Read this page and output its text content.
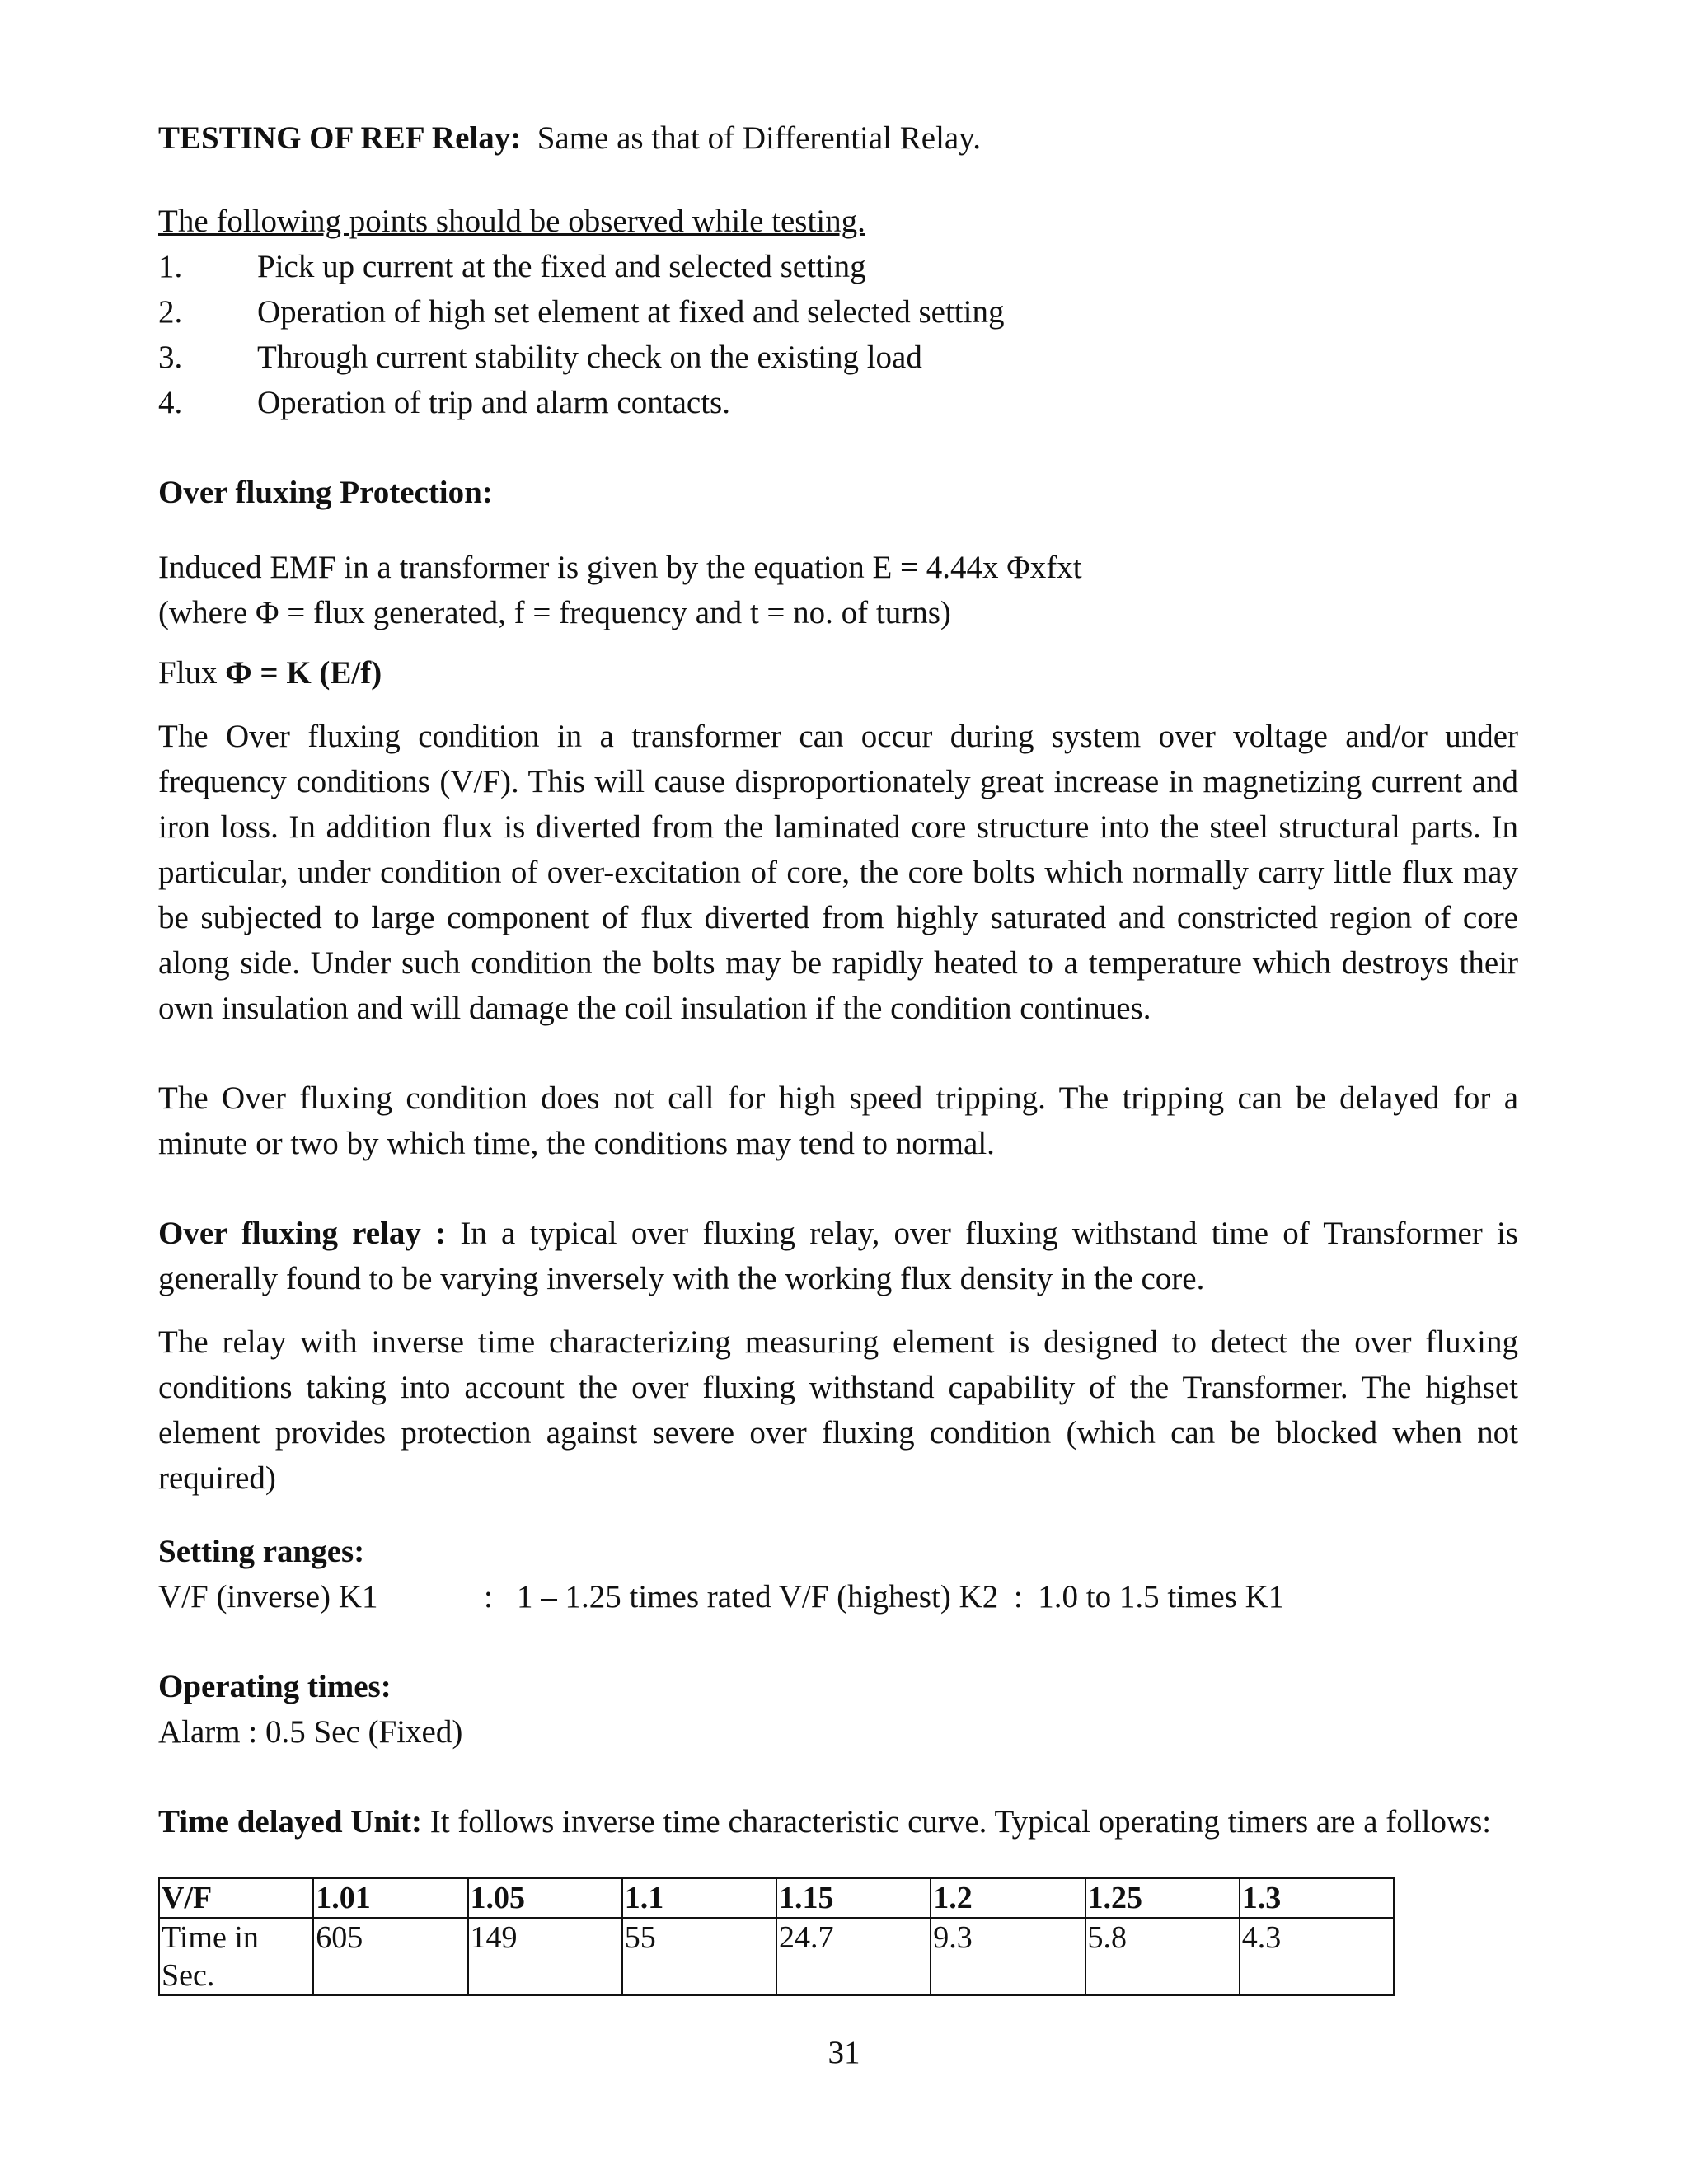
TESTING OF REF Relay: Same as that of Differential Relay.

The following points should be observed while testing.

1.	Pick up current at the fixed and selected setting
2.	Operation of high set element at fixed and selected setting
3.	Through current stability check on the existing load
4.	Operation of trip and alarm contacts.

Over fluxing Protection:

Induced EMF in a transformer is given by the equation E = 4.44x Φxfxt

(where Φ = flux generated, f = frequency and t = no. of turns)

Flux Φ = K (E/f)

The Over fluxing condition in a transformer can occur during system over voltage and/or under frequency conditions (V/F). This will cause disproportionately great increase in magnetizing current and iron loss. In addition flux is diverted from the laminated core structure into the steel structural parts. In particular, under condition of over-excitation of core, the core bolts which normally carry little flux may be subjected to large component of flux diverted from highly saturated and constricted region of core along side. Under such condition the bolts may be rapidly heated to a temperature which destroys their own insulation and will damage the coil insulation if the condition continues.

The Over fluxing condition does not call for high speed tripping. The tripping can be delayed for a minute or two by which time, the conditions may tend to normal.

Over fluxing relay : In a typical over fluxing relay, over fluxing withstand time of Transformer is generally found to be varying inversely with the working flux density in the core.

The relay with inverse time characterizing measuring element is designed to detect the over fluxing conditions taking into account the over fluxing withstand capability of the Transformer. The highset element provides protection against severe over fluxing condition (which can be blocked when not required)

Setting ranges:

V/F (inverse) K1	: 1 – 1.25 times rated V/F (highest) K2 : 1.0 to 1.5 times K1

Operating times:

Alarm : 0.5 Sec (Fixed)

Time delayed Unit: It follows inverse time characteristic curve. Typical operating timers are a follows:

V/F	1.01	1.05	1.1	1.15	1.2	1.25	1.3
Time in Sec.	605	149	55	24.7	9.3	5.8	4.3
31
